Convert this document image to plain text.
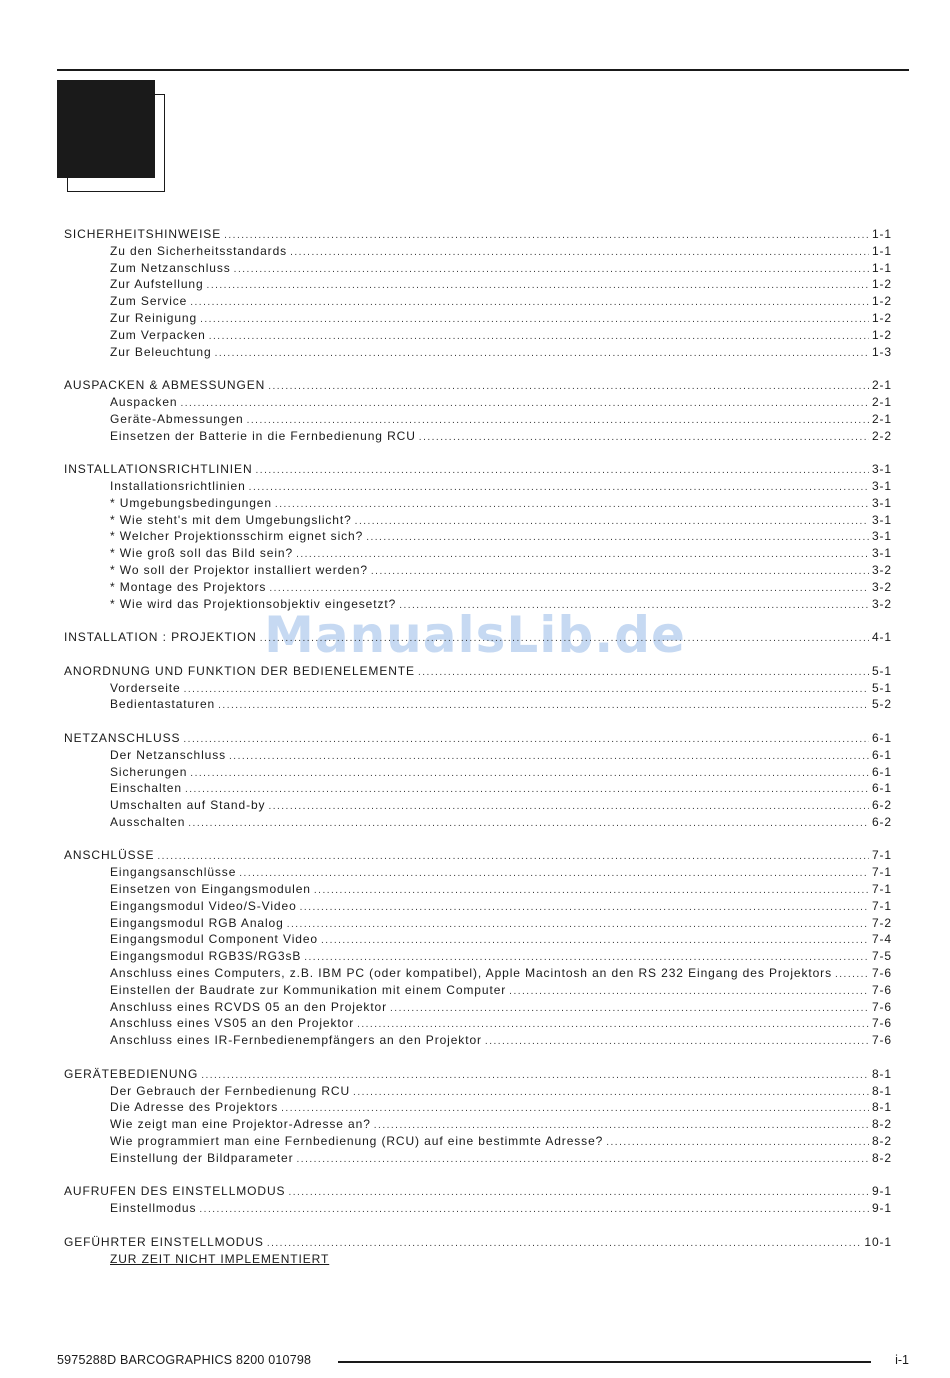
ManualsLib.de
SICHERHEITSHINWEISE .....	1-1
Zu den Sicherheitsstandards .....	1-1
Zum Netzanschluss .....	1-1
Zur Aufstellung .....	1-2
Zum Service .....	1-2
Zur Reinigung .....	1-2
Zum Verpacken .....	1-2
Zur Beleuchtung .....	1-3
AUSPACKEN & ABMESSUNGEN .....	2-1
Auspacken .....	2-1
Geräte-Abmessungen .....	2-1
Einsetzen der Batterie in die Fernbedienung RCU .....	2-2
INSTALLATIONSRICHTLINIEN .....	3-1
Installationsrichtlinien .....	3-1
* Umgebungsbedingungen .....	3-1
* Wie steht's mit dem Umgebungslicht? .....	3-1
* Welcher Projektionsschirm eignet sich? .....	3-1
* Wie groß soll das Bild sein? .....	3-1
* Wo soll der Projektor installiert werden? .....	3-2
* Montage des Projektors .....	3-2
* Wie wird das Projektionsobjektiv eingesetzt? .....	3-2
INSTALLATION : PROJEKTION .....	4-1
ANORDNUNG UND FUNKTION DER BEDIENELEMENTE .....	5-1
Vorderseite .....	5-1
Bedientastaturen .....	5-2
NETZANSCHLUSS .....	6-1
Der Netzanschluss .....	6-1
Sicherungen .....	6-1
Einschalten .....	6-1
Umschalten auf Stand-by .....	6-2
Ausschalten .....	6-2
ANSCHLÜSSE .....	7-1
Eingangsanschlüsse .....	7-1
Einsetzen von Eingangsmodulen .....	7-1
Eingangsmodul Video/S-Video .....	7-1
Eingangsmodul RGB Analog .....	7-2
Eingangsmodul Component Video .....	7-4
Eingangsmodul RGB3S/RG3sB .....	7-5
Anschluss eines Computers, z.B. IBM PC (oder kompatibel), Apple Macintosh an den RS 232 Eingang des Projektors .....	7-6
Einstellen der Baudrate zur Kommunikation mit einem Computer .....	7-6
Anschluss eines RCVDS 05 an den Projektor .....	7-6
Anschluss eines VS05 an den Projektor .....	7-6
Anschluss eines IR-Fernbedienempfängers an den Projektor .....	7-6
GERÄTEBEDIENUNG .....	8-1
Der Gebrauch der Fernbedienung RCU .....	8-1
Die Adresse des Projektors .....	8-1
Wie zeigt man eine Projektor-Adresse an? .....	8-2
Wie programmiert man eine Fernbedienung (RCU) auf eine bestimmte Adresse? .....	8-2
Einstellung der Bildparameter .....	8-2
AUFRUFEN DES EINSTELLMODUS .....	9-1
Einstellmodus .....	9-1
GEFÜHRTER EINSTELLMODUS .....	10-1
ZUR ZEIT NICHT IMPLEMENTIERT
5975288D BARCOGRAPHICS 8200 010798	i-1
